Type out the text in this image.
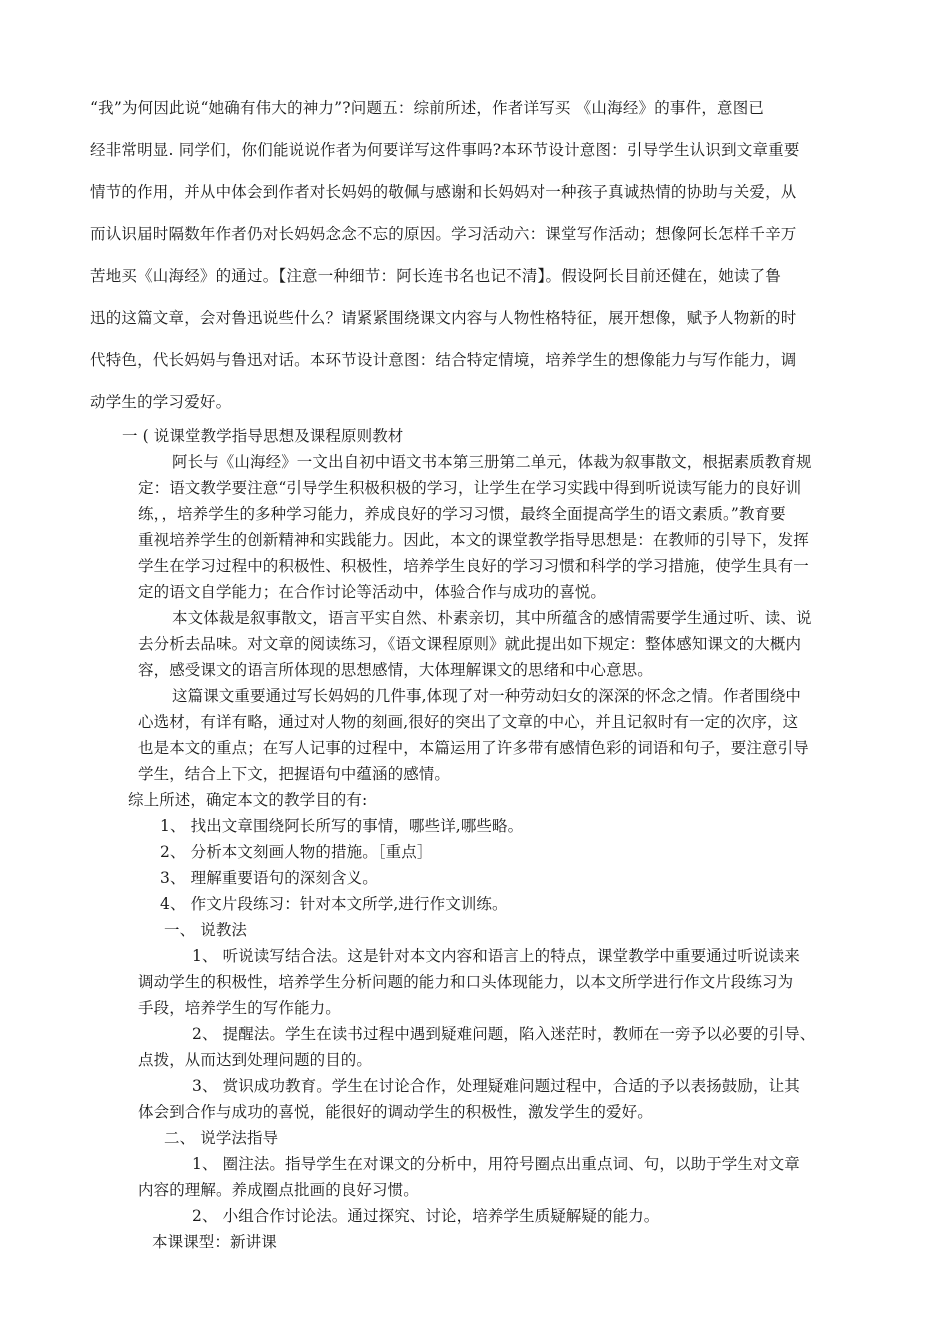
“我”为何因此说“她确有伟大的神力”?问题五：综前所述，作者详写买 《山海经》的事件，意图已
经非常明显. 同学们，你们能说说作者为何要详写这件事吗?本环节设计意图：引导学生认识到文章重要
情节的作用，并从中体会到作者对长妈妈的敬佩与感谢和长妈妈对一种孩子真诚热情的协助与关爱，从
而认识届时隔数年作者仍对长妈妈念念不忘的原因。学习活动六：课堂写作活动；想像阿长怎样千辛万
苦地买《山海经》的通过。【注意一种细节：阿长连书名也记不清】。假设阿长目前还健在，她读了鲁
迅的这篇文章，会对鲁迅说些什么？请紧紧围绕课文内容与人物性格特征，展开想像，赋予人物新的时
代特色，代长妈妈与鲁迅对话。本环节设计意图：结合特定情境，培养学生的想像能力与写作能力，调
动学生的学习爱好。
一 ( 说课堂教学指导思想及课程原则教材
阿长与《山海经》一文出自初中语文书本第三册第二单元，体裁为叙事散文，根据素质教育规
定：语文教学要注意“引导学生积极积极的学习，让学生在学习实践中得到听说读写能力的良好训
练，，培养学生的多种学习能力，养成良好的学习习惯，最终全面提高学生的语文素质。”教育要
重视培养学生的创新精神和实践能力。因此，本文的课堂教学指导思想是：在教师的引导下，发挥
学生在学习过程中的积极性、积极性，培养学生良好的学习习惯和科学的学习措施，使学生具有一
定的语文自学能力；在合作讨论等活动中，体验合作与成功的喜悦。
本文体裁是叙事散文，语言平实自然、朴素亲切，其中所蕴含的感情需要学生通过听、读、说
去分析去品味。对文章的阅读练习，《语文课程原则》就此提出如下规定：整体感知课文的大概内
容，感受课文的语言所体现的思想感情，大体理解课文的思绪和中心意思。
这篇课文重要通过写长妈妈的几件事,体现了对一种劳动妇女的深深的怀念之情。作者围绕中
心选材，有详有略，通过对人物的刻画,很好的突出了文章的中心，并且记叙时有一定的次序，这
也是本文的重点；在写人记事的过程中，本篇运用了许多带有感情色彩的词语和句子，要注意引导
学生，结合上下文，把握语句中蕴涵的感情。
综上所述，确定本文的教学目的有:
1、 找出文章围绕阿长所写的事情，哪些详,哪些略。
2、 分析本文刻画人物的措施。［重点］
3、 理解重要语句的深刻含义。
4、 作文片段练习：针对本文所学,进行作文训练。
一、 说教法
1、 听说读写结合法。这是针对本文内容和语言上的特点，课堂教学中重要通过听说读来
调动学生的积极性，培养学生分析问题的能力和口头体现能力，以本文所学进行作文片段练习为
手段，培养学生的写作能力。
2、 提醒法。学生在读书过程中遇到疑难问题，陷入迷茫时，教师在一旁予以必要的引导、
点拨，从而达到处理问题的目的。
3、 赏识成功教育。学生在讨论合作，处理疑难问题过程中，合适的予以表扬鼓励，让其
体会到合作与成功的喜悦，能很好的调动学生的积极性，激发学生的爱好。
二、 说学法指导
1、 圈注法。指导学生在对课文的分析中，用符号圈点出重点词、句，以助于学生对文章
内容的理解。养成圈点批画的良好习惯。
2、 小组合作讨论法。通过探究、讨论，培养学生质疑解疑的能力。
本课课型：新讲课
